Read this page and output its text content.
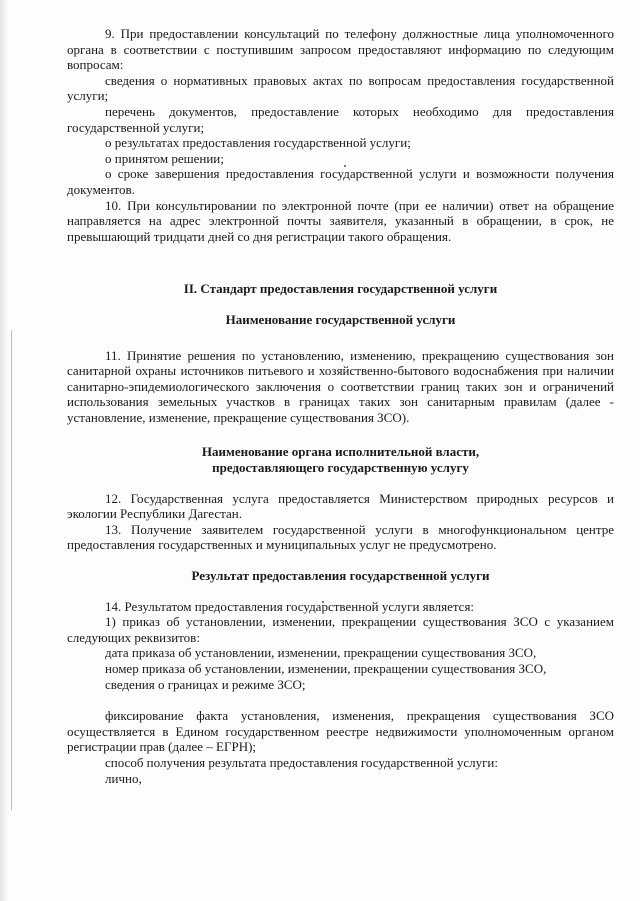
9. При предоставлении консультаций по телефону должностные лица уполномоченного органа в соответствии с поступившим запросом предоставляют информацию по следующим вопросам:

сведения о нормативных правовых актах по вопросам предоставления государственной услуги;

перечень документов, предоставление которых необходимо для предоставления государственной услуги;

о результатах предоставления государственной услуги;

о принятом решении;

о сроке завершения предоставления государственной услуги и возможности получения документов.

10. При консультировании по электронной почте (при ее наличии) ответ на обращение направляется на адрес электронной почты заявителя, указанный в обращении, в срок, не превышающий тридцати дней со дня регистрации такого обращения.

II. Стандарт предоставления государственной услуги

Наименование государственной услуги

11. Принятие решения по установлению, изменению, прекращению существования зон санитарной охраны источников питьевого и хозяйственно-бытового водоснабжения при наличии санитарно-эпидемиологического заключения о соответствии границ таких зон и ограничений использования земельных участков в границах таких зон санитарным правилам (далее - установление, изменение, прекращение существования ЗСО).

Наименование органа исполнительной власти,
предоставляющего государственную услугу

12. Государственная услуга предоставляется Министерством природных ресурсов и экологии Республики Дагестан.

13. Получение заявителем государственной услуги в многофункциональном центре предоставления государственных и муниципальных услуг не предусмотрено.

Результат предоставления государственной услуги

14. Результатом предоставления государственной услуги является:

1) приказ об установлении, изменении, прекращении существования ЗСО с указанием следующих реквизитов:

дата приказа об установлении, изменении, прекращении существования ЗСО,

номер приказа об установлении, изменении, прекращении существования ЗСО,

сведения о границах и режиме ЗСО;

фиксирование факта установления, изменения, прекращения существования ЗСО осуществляется в Едином государственном реестре недвижимости уполномоченным органом регистрации прав (далее – ЕГРН);

способ получения результата предоставления государственной услуги:

лично,
